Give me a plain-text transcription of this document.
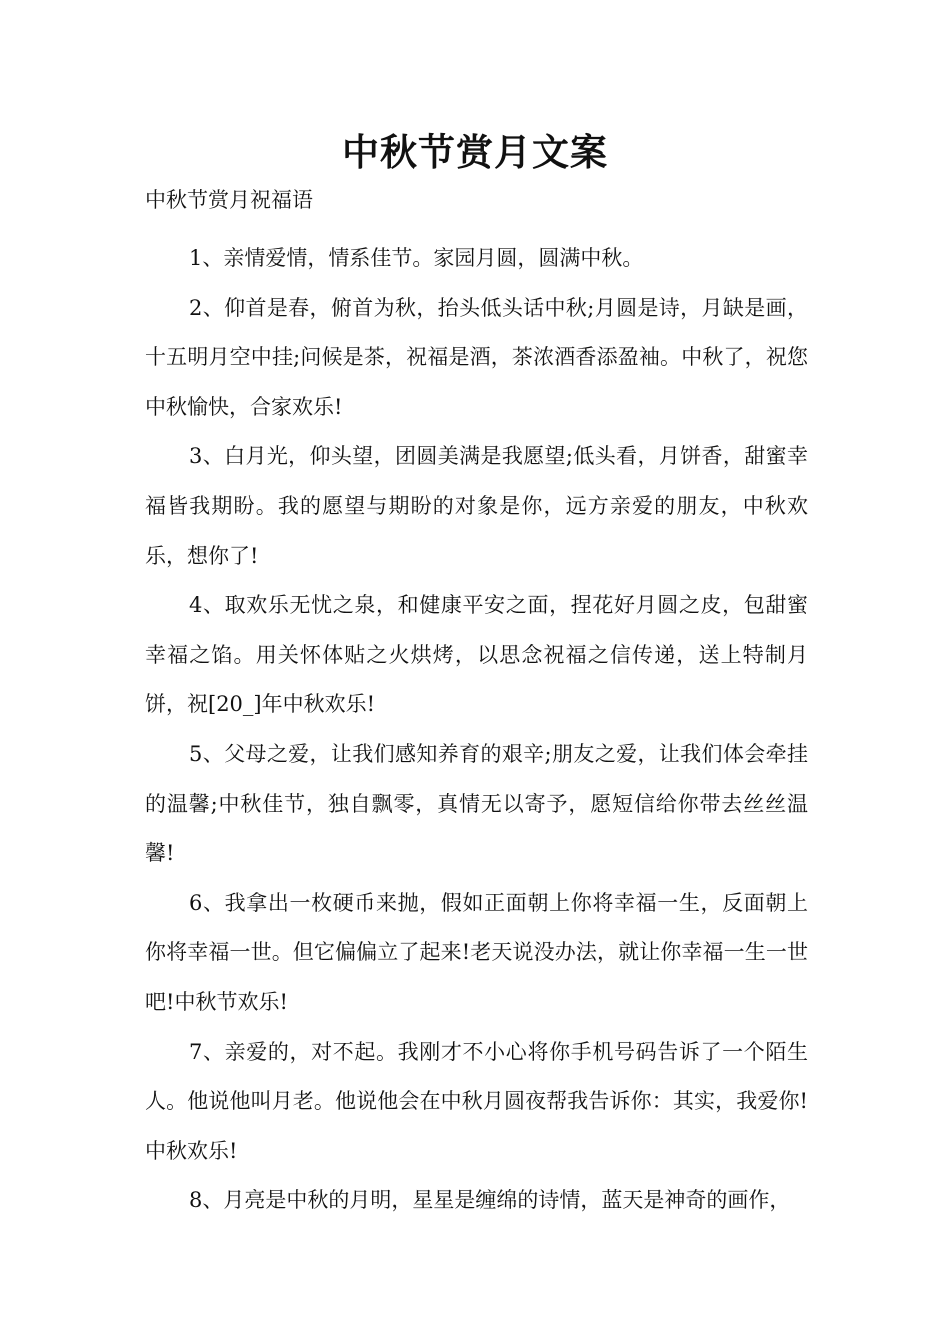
中秋节赏月文案
中秋节赏月祝福语

1、亲情爱情，情系佳节。家园月圆，圆满中秋。

2、仰首是春，俯首为秋，抬头低头话中秋;月圆是诗，月缺是画，十五明月空中挂;问候是茶，祝福是酒，茶浓酒香添盈袖。中秋了，祝您中秋愉快，合家欢乐!

3、白月光，仰头望，团圆美满是我愿望;低头看，月饼香，甜蜜幸福皆我期盼。我的愿望与期盼的对象是你，远方亲爱的朋友，中秋欢乐，想你了!

4、取欢乐无忧之泉，和健康平安之面，捏花好月圆之皮，包甜蜜幸福之馅。用关怀体贴之火烘烤，以思念祝福之信传递，送上特制月饼，祝[20_]年中秋欢乐!

5、父母之爱，让我们感知养育的艰辛;朋友之爱，让我们体会牵挂的温馨;中秋佳节，独自飘零，真情无以寄予，愿短信给你带去丝丝温馨!

6、我拿出一枚硬币来抛，假如正面朝上你将幸福一生，反面朝上你将幸福一世。但它偏偏立了起来!老天说没办法，就让你幸福一生一世吧!中秋节欢乐!

7、亲爱的，对不起。我刚才不小心将你手机号码告诉了一个陌生人。他说他叫月老。他说他会在中秋月圆夜帮我告诉你：其实，我爱你!中秋欢乐!

8、月亮是中秋的月明，星星是缠绵的诗情，蓝天是神奇的画作，
